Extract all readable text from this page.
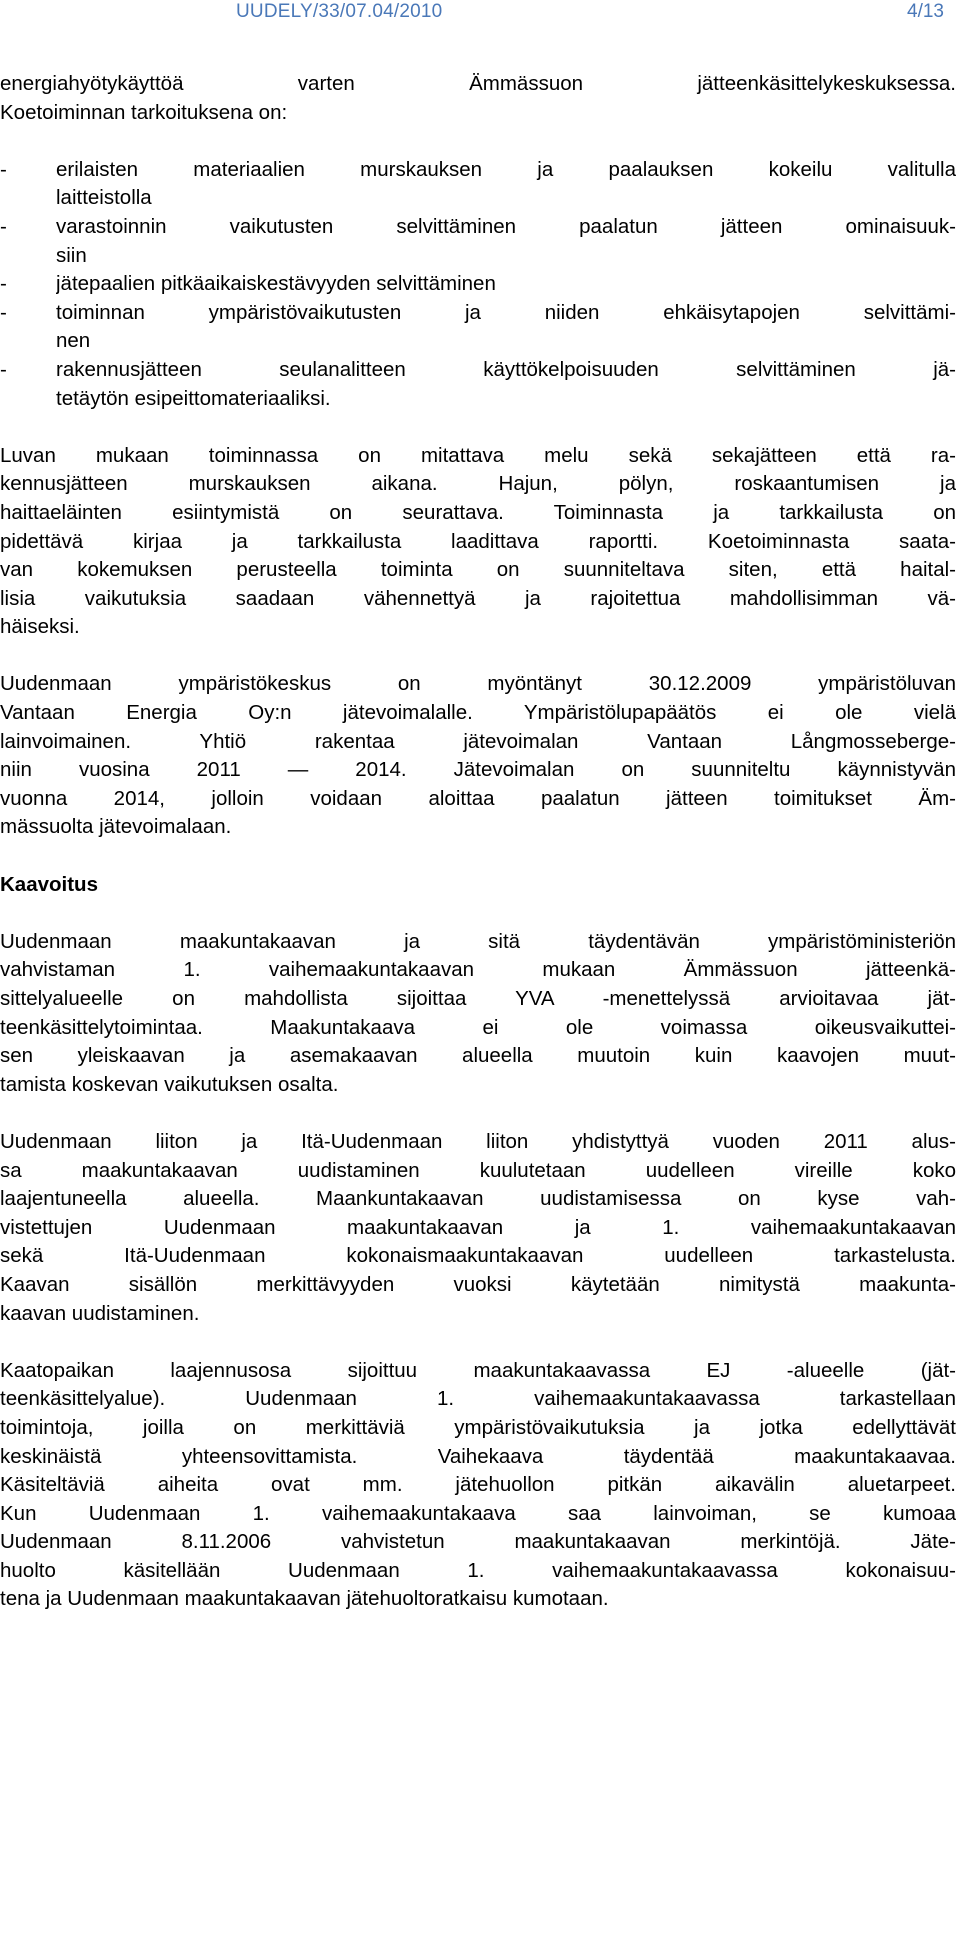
UUDELY/33/07.04/2010	4/13
energiahyötykäyttöä varten Ämmässuon jätteenkäsittelykeskuksessa.
Koetoiminnan tarkoituksena on:
- erilaisten materiaalien murskauksen ja paalauksen kokeilu valitulla
laitteistolla
- varastoinnin vaikutusten selvittäminen paalatun jätteen ominaisuuk-
siin
- jätepaalien pitkäaikaiskestävyyden selvittäminen
- toiminnan ympäristövaikutusten ja niiden ehkäisytapojen selvittämi-
nen
- rakennusjätteen seulanalitteen käyttökelpoisuuden selvittäminen jä-
tetäytön esipeittomateriaaliksi.
Luvan mukaan toiminnassa on mitattava melu sekä sekajätteen että ra-
kennusjätteen murskauksen aikana. Hajun, pölyn, roskaantumisen ja
haittaeläinten esiintymistä on seurattava. Toiminnasta ja tarkkailusta on
pidettävä kirjaa ja tarkkailusta laadittava raportti. Koetoiminnasta saata-
van kokemuksen perusteella toiminta on suunniteltava siten, että haital-
lisia vaikutuksia saadaan vähennettyä ja rajoitettua mahdollisimman vä-
häiseksi.
Uudenmaan ympäristökeskus on myöntänyt 30.12.2009 ympäristöluvan
Vantaan Energia Oy:n jätevoimalalle. Ympäristölupapäätös ei ole vielä
lainvoimainen. Yhtiö rakentaa jätevoimalan Vantaan Långmosseberge-
niin vuosina 2011 — 2014. Jätevoimalan on suunniteltu käynnistyvän
vuonna 2014, jolloin voidaan aloittaa paalatun jätteen toimitukset Äm-
mässuolta jätevoimalaan.
Kaavoitus
Uudenmaan maakuntakaavan ja sitä täydentävän ympäristöministeriön
vahvistaman 1. vaihemaakuntakaavan mukaan Ämmässuon jätteenkä-
sittelyalueelle on mahdollista sijoittaa YVA -menettelyssä arvioitavaa jät-
teenkäsittelytoimintaa. Maakuntakaava ei ole voimassa oikeusvaikuttei-
sen yleiskaavan ja asemakaavan alueella muutoin kuin kaavojen muut-
tamista koskevan vaikutuksen osalta.
Uudenmaan liiton ja Itä-Uudenmaan liiton yhdistyttyä vuoden 2011 alus-
sa maakuntakaavan uudistaminen kuulutetaan uudelleen vireille koko
laajentuneella alueella. Maankuntakaavan uudistamisessa on kyse vah-
vistettujen Uudenmaan maakuntakaavan ja 1. vaihemaakuntakaavan
sekä Itä-Uudenmaan kokonaismaakuntakaavan uudelleen tarkastelusta.
Kaavan sisällön merkittävyyden vuoksi käytetään nimitystä maakunta-
kaavan uudistaminen.
Kaatopaikan laajennusosa sijoittuu maakuntakaavassa EJ -alueelle (jät-
teenkäsittelyalue). Uudenmaan 1. vaihemaakuntakaavassa tarkastellaan
toimintoja, joilla on merkittäviä ympäristövaikutuksia ja jotka edellyttävät
keskinäistä yhteensovittamista. Vaihekaava täydentää maakuntakaavaa.
Käsiteltäviä aiheita ovat mm. jätehuollon pitkän aikavälin aluetarpeet.
Kun Uudenmaan 1. vaihemaakuntakaava saa lainvoiman, se kumoaa
Uudenmaan 8.11.2006 vahvistetun maakuntakaavan merkintöjä. Jäte-
huolto käsitellään Uudenmaan 1. vaihemaakuntakaavassa kokonaisuu-
tena ja Uudenmaan maakuntakaavan jätehuoltoratkaisu kumotaan.
